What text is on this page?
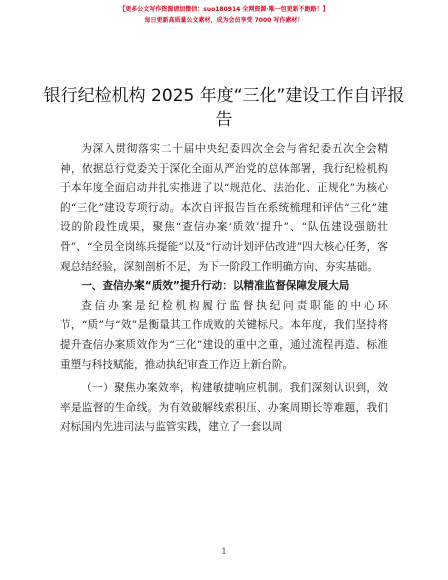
【更多公文写作资源请加微信：suo180914 全网资源·唯一包更新不跑路！】
每日更新高质量公文素材，成为会员享受 7000 写作素材！
银行纪检机构 2025 年度“三化”建设工作自评报告

为深入贯彻落实二十届中央纪委四次全会与省纪委五次全会精神，依据总行党委关于深化全面从严治党的总体部署，我行纪检机构于本年度全面启动并扎实推进了以“规范化、法治化、正规化”为核心的“三化”建设专项行动。本次自评报告旨在系统梳理和评估“三化”建设的阶段性成果，聚焦“查信办案‘质效’提升”、“队伍建设强筋壮骨”、“全员全岗练兵提能”以及“行动计划评估改进”四大核心任务，客观总结经验，深刻剖析不足，为下一阶段工作明确方向、夯实基础。

一、查信办案“质效”提升行动：以精准监督保障发展大局

查信办案是纪检机构履行监督执纪问责职能的中心环节，“质”与“效”是衡量其工作成败的关键标尺。本年度，我们坚持将提升查信办案质效作为“三化”建设的重中之重，通过流程再造、标准重塑与科技赋能，推动执纪审查工作迈上新台阶。

（一）聚焦办案效率，构建敏捷响应机制。我们深刻认识到，效率是监督的生命线。为有效破解线索积压、办案周期长等难题，我们对标国内先进司法与监管实践，建立了一套以周

1
